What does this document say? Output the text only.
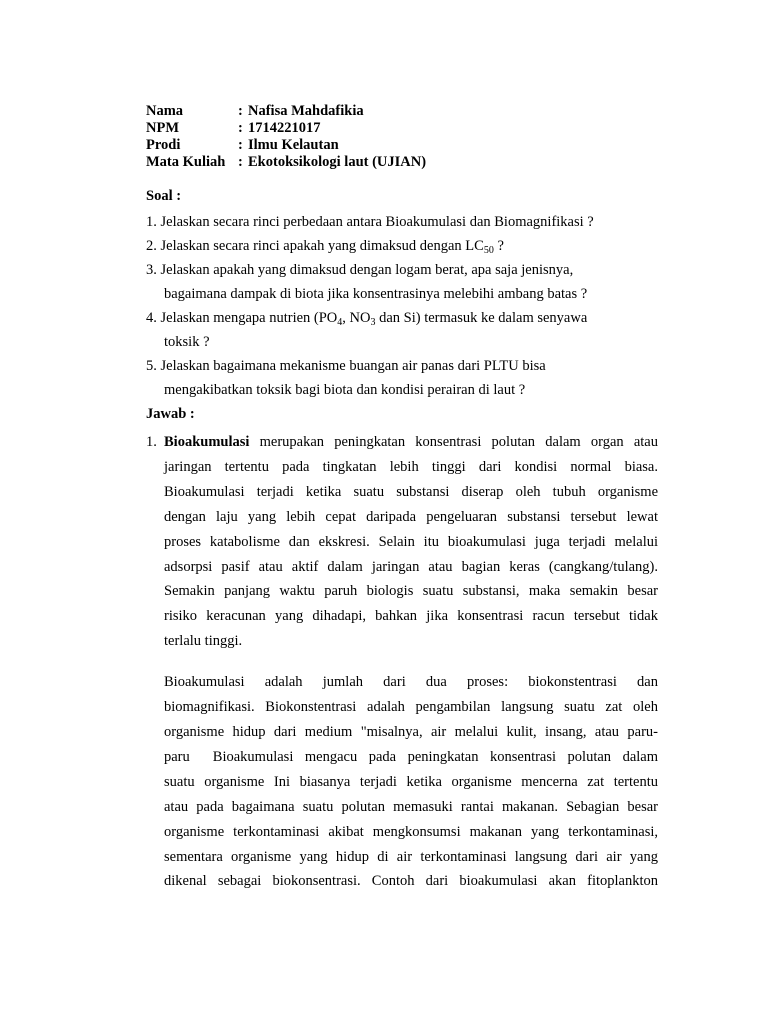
Nama	: Nafisa Mahdafikia
NPM	: 1714221017
Prodi	: Ilmu Kelautan
Mata Kuliah : Ekotoksikologi laut (UJIAN)
Soal :
1. Jelaskan secara rinci perbedaan antara Bioakumulasi dan Biomagnifikasi ?
2. Jelaskan secara rinci apakah yang dimaksud dengan $LC_{50}$ ?
3. Jelaskan apakah yang dimaksud dengan logam berat, apa saja jenisnya,
bagaimana dampak di biota jika konsentrasinya melebihi ambang batas ?
4. Jelaskan mengapa nutrien ($PO_4$, $NO_3$ dan Si) termasuk ke dalam senyawa
toksik ?
5. Jelaskan bagaimana mekanisme buangan air panas dari PLTU bisa
mengakibatkan toksik bagi biota dan kondisi perairan di laut ?
Jawab :
1. Bioakumulasi merupakan peningkatan konsentrasi polutan dalam organ atau
jaringan tertentu pada tingkatan lebih tinggi dari kondisi normal biasa.
Bioakumulasi terjadi ketika suatu substansi diserap oleh tubuh organisme
dengan laju yang lebih cepat daripada pengeluaran substansi tersebut lewat
proses katabolisme dan ekskresi. Selain itu bioakumulasi juga terjadi melalui
adsorpsi pasif atau aktif dalam jaringan atau bagian keras (cangkang/tulang).
Semakin panjang waktu paruh biologis suatu substansi, maka semakin besar
risiko keracunan yang dihadapi, bahkan jika konsentrasi racun tersebut tidak
terlalu tinggi.
Bioakumulasi adalah jumlah dari dua proses: biokonstentrasi dan
biomagnifikasi. Biokonstentrasi adalah pengambilan langsung suatu zat oleh
organisme hidup dari medium "misalnya, air melalui kulit, insang, atau paru-
paru  Bioakumulasi mengacu pada peningkatan konsentrasi polutan dalam
suatu organisme Ini biasanya terjadi ketika organisme mencerna zat tertentu
atau pada bagaimana suatu polutan memasuki rantai makanan. Sebagian besar
organisme terkontaminasi akibat mengkonsumsi makanan yang terkontaminasi,
sementara organisme yang hidup di air terkontaminasi langsung dari air yang
dikenal sebagai biokonsentrasi. Contoh dari bioakumulasi akan fitoplankton
